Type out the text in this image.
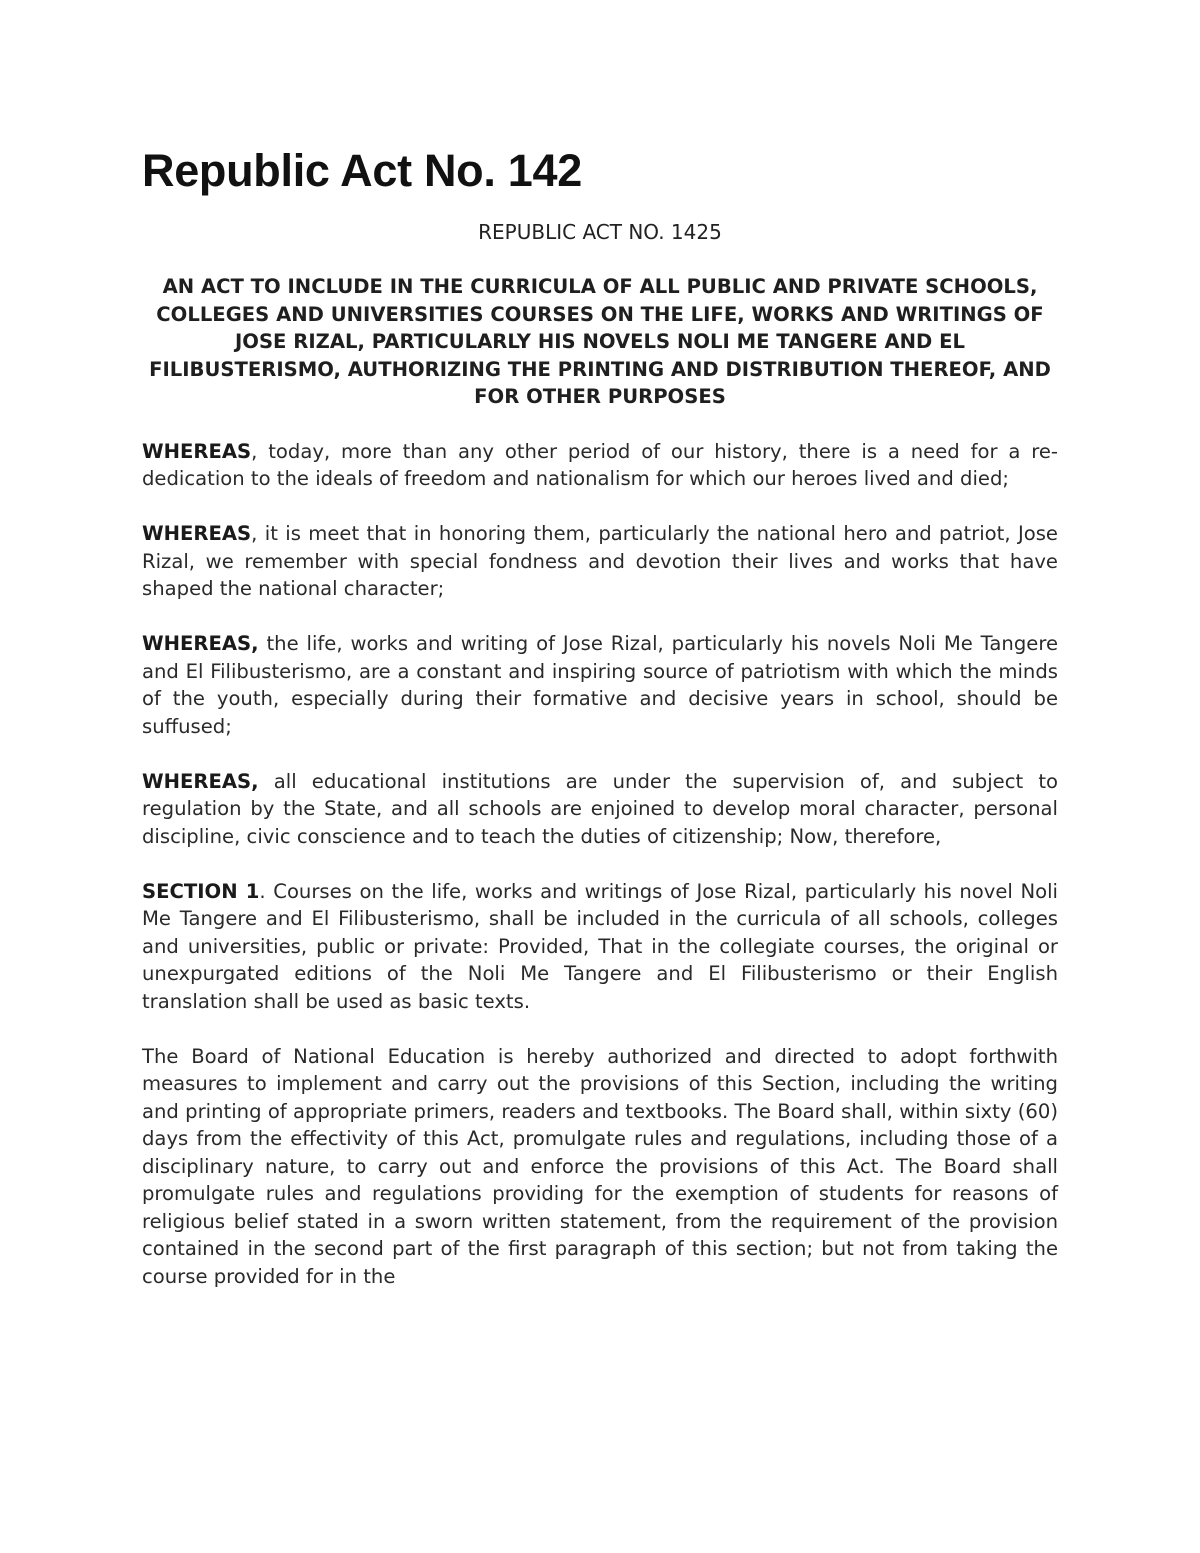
Republic Act No. 142
REPUBLIC ACT NO. 1425
AN ACT TO INCLUDE IN THE CURRICULA OF ALL PUBLIC AND PRIVATE SCHOOLS, COLLEGES AND UNIVERSITIES COURSES ON THE LIFE, WORKS AND WRITINGS OF JOSE RIZAL, PARTICULARLY HIS NOVELS NOLI ME TANGERE AND EL FILIBUSTERISMO, AUTHORIZING THE PRINTING AND DISTRIBUTION THEREOF, AND FOR OTHER PURPOSES

WHEREAS, today, more than any other period of our history, there is a need for a re-dedication to the ideals of freedom and nationalism for which our heroes lived and died;

WHEREAS, it is meet that in honoring them, particularly the national hero and patriot, Jose Rizal, we remember with special fondness and devotion their lives and works that have shaped the national character;

WHEREAS, the life, works and writing of Jose Rizal, particularly his novels Noli Me Tangere and El Filibusterismo, are a constant and inspiring source of patriotism with which the minds of the youth, especially during their formative and decisive years in school, should be suffused;

WHEREAS, all educational institutions are under the supervision of, and subject to regulation by the State, and all schools are enjoined to develop moral character, personal discipline, civic conscience and to teach the duties of citizenship; Now, therefore,

SECTION 1. Courses on the life, works and writings of Jose Rizal, particularly his novel Noli Me Tangere and El Filibusterismo, shall be included in the curricula of all schools, colleges and universities, public or private: Provided, That in the collegiate courses, the original or unexpurgated editions of the Noli Me Tangere and El Filibusterismo or their English translation shall be used as basic texts.

The Board of National Education is hereby authorized and directed to adopt forthwith measures to implement and carry out the provisions of this Section, including the writing and printing of appropriate primers, readers and textbooks. The Board shall, within sixty (60) days from the effectivity of this Act, promulgate rules and regulations, including those of a disciplinary nature, to carry out and enforce the provisions of this Act. The Board shall promulgate rules and regulations providing for the exemption of students for reasons of religious belief stated in a sworn written statement, from the requirement of the provision contained in the second part of the first paragraph of this section; but not from taking the course provided for in the
